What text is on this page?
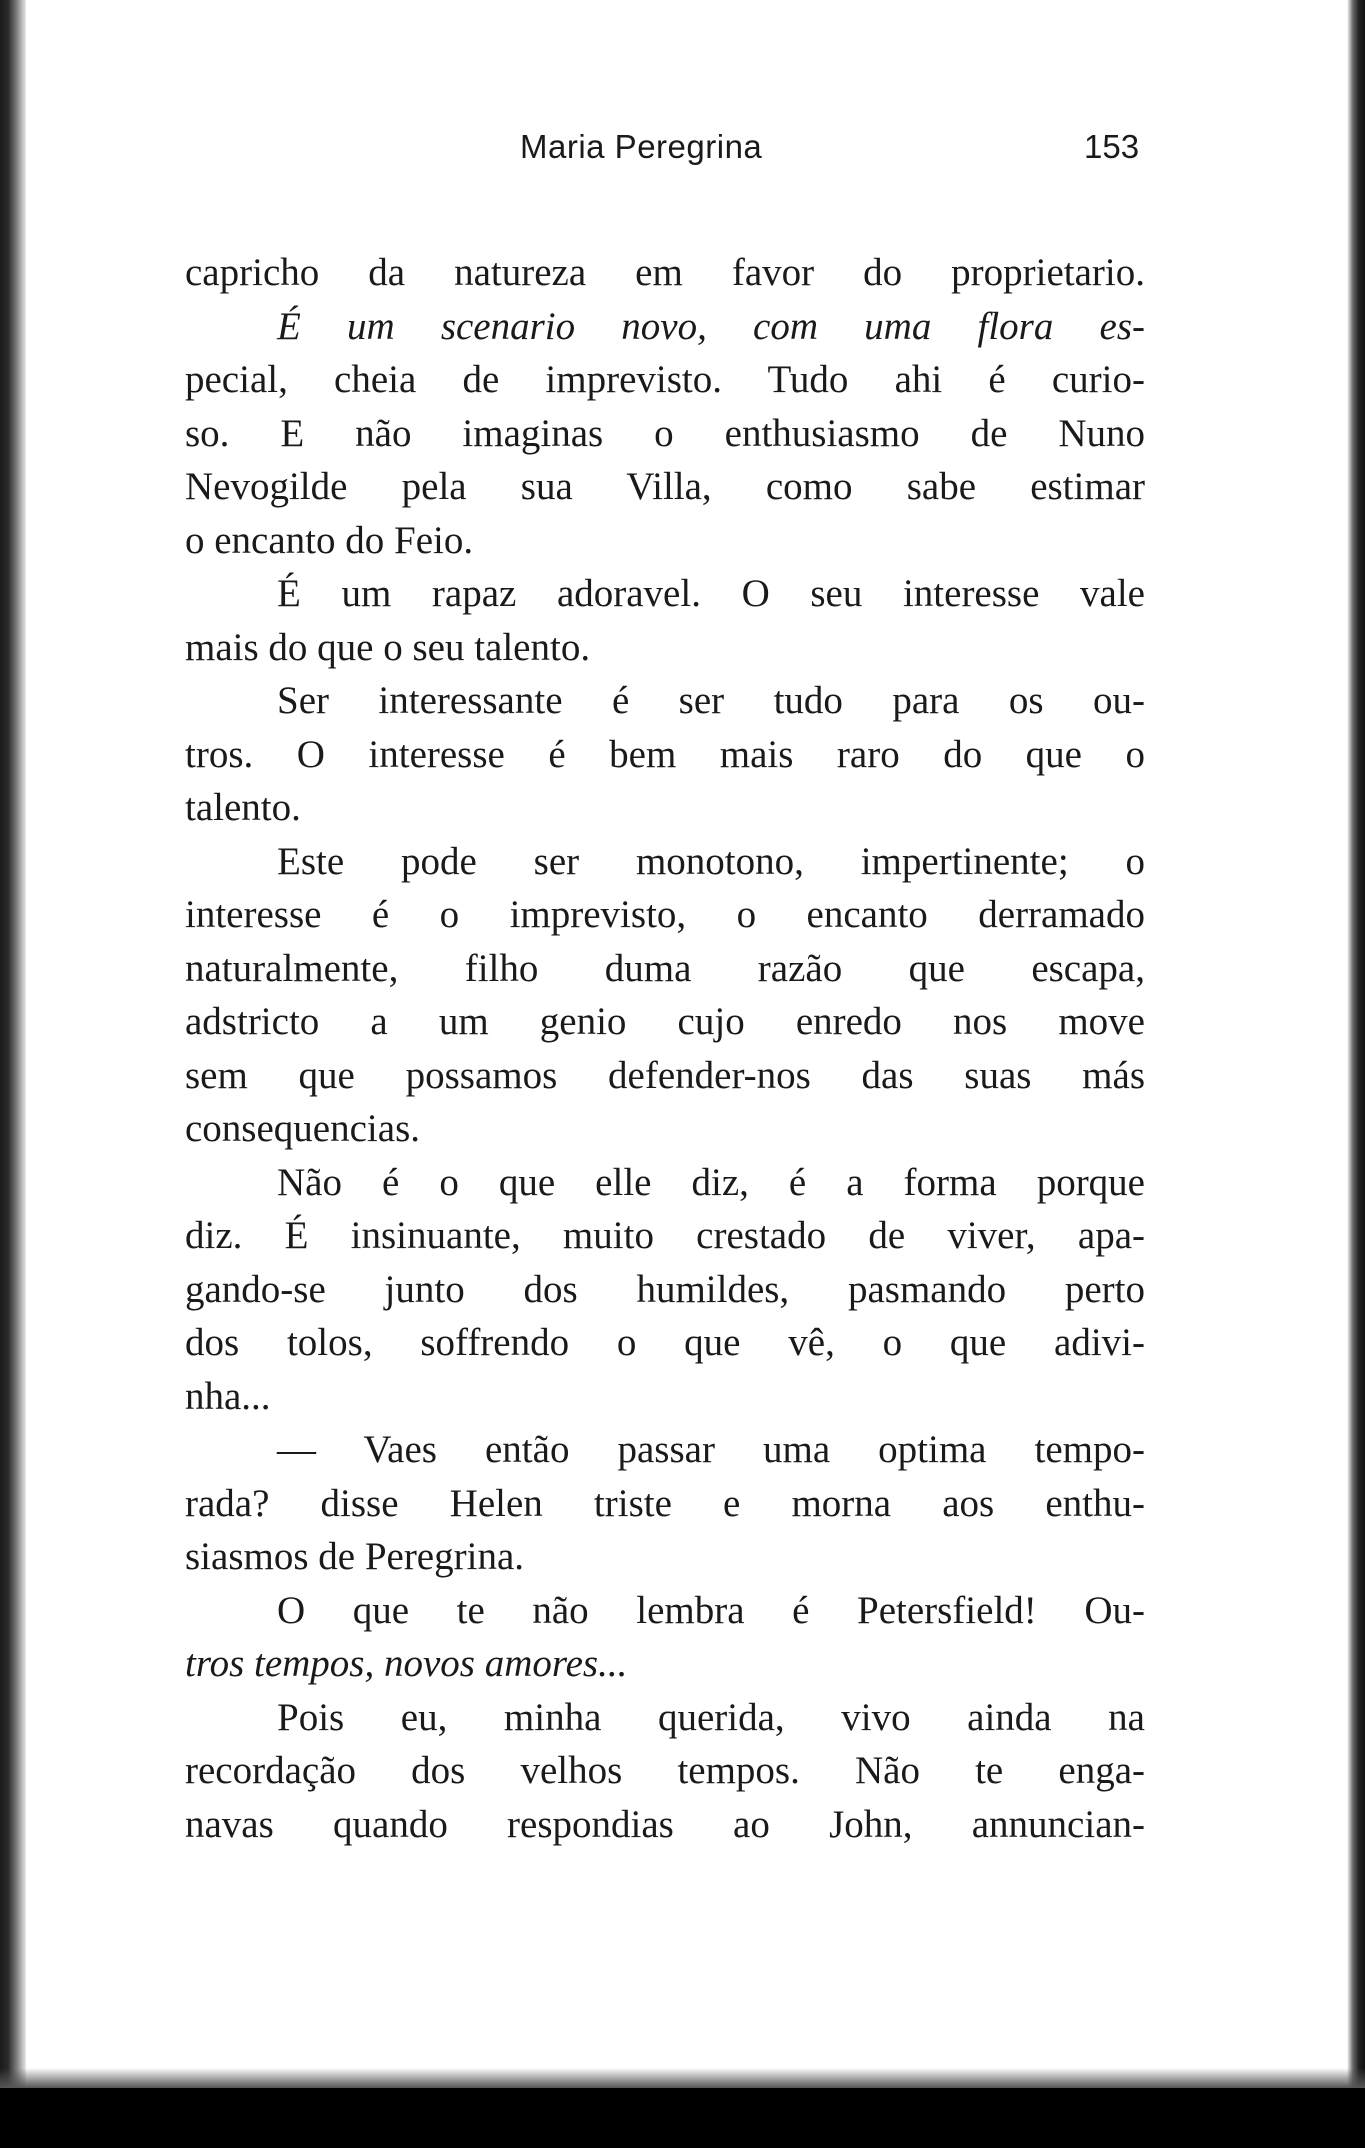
Maria Peregrina	153
capricho da natureza em favor do proprietario.
É um scenario novo, com uma flora es-
pecial, cheia de imprevisto. Tudo ahi é curio-
so. E não imaginas o enthusiasmo de Nuno
Nevogilde pela sua Villa, como sabe estimar
o encanto do Feio.
É um rapaz adoravel. O seu interesse vale
mais do que o seu talento.
Ser interessante é ser tudo para os ou-
tros. O interesse é bem mais raro do que o
talento.
Este pode ser monotono, impertinente; o
interesse é o imprevisto, o encanto derramado
naturalmente, filho duma razão que escapa,
adstricto a um genio cujo enredo nos move
sem que possamos defender-nos das suas más
consequencias.
Não é o que elle diz, é a forma porque
diz. É insinuante, muito crestado de viver, apa-
gando-se junto dos humildes, pasmando perto
dos tolos, soffrendo o que vê, o que adivi-
nha...
— Vaes então passar uma optima tempo-
rada? disse Helen triste e morna aos enthu-
siasmos de Peregrina.
O que te não lembra é Petersfield! Ou-
tros tempos, novos amores...
Pois eu, minha querida, vivo ainda na
recordação dos velhos tempos. Não te enga-
navas quando respondias ao John, annuncian-
